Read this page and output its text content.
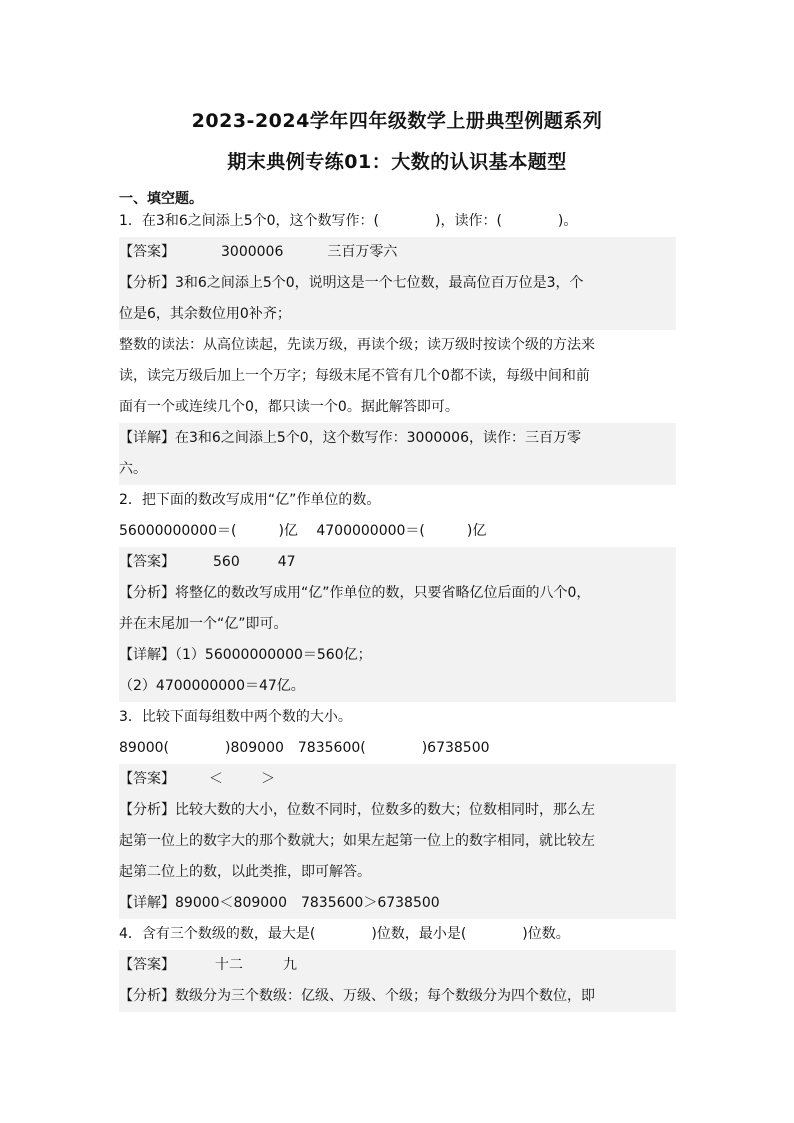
2023-2024学年四年级数学上册典型例题系列
期末典例专练01：大数的认识基本题型
一、填空题。
1．在3和6之间添上5个0，这个数写作：(　　　　)，读作：(　　　　)。
【答案】	3000006	三百万零六
【分析】3和6之间添上5个0，说明这是一个七位数，最高位百万位是3，个
位是6，其余数位用0补齐；
整数的读法：从高位读起，先读万级，再读个级；读万级时按读个级的方法来
读，读完万级后加上一个万字；每级末尾不管有几个0都不读，每级中间和前
面有一个或连续几个0，都只读一个0。据此解答即可。
【详解】在3和6之间添上5个0，这个数写作：3000006，读作：三百万零
六。
2．把下面的数改写成用“亿”作单位的数。
56000000000＝(　　　)亿　 4700000000＝(　　　)亿
【答案】	560	47
【分析】将整亿的数改写成用“亿”作单位的数，只要省略亿位后面的八个0，
并在末尾加一个“亿”即可。
【详解】（1）56000000000＝560亿；
（2）4700000000＝47亿。
3．比较下面每组数中两个数的大小。
89000(　　　　)809000　7835600(　　　　)6738500
【答案】 ＜	＞
【分析】比较大数的大小，位数不同时，位数多的数大；位数相同时，那么左
起第一位上的数字大的那个数就大；如果左起第一位上的数字相同，就比较左
起第二位上的数，以此类推，即可解答。
【详解】89000＜809000　7835600＞6738500
4．含有三个数级的数，最大是(　　　　)位数，最小是(　　　　)位数。
【答案】	十二	九
【分析】数级分为三个数级：亿级、万级、个级；每个数级分为四个数位，即
